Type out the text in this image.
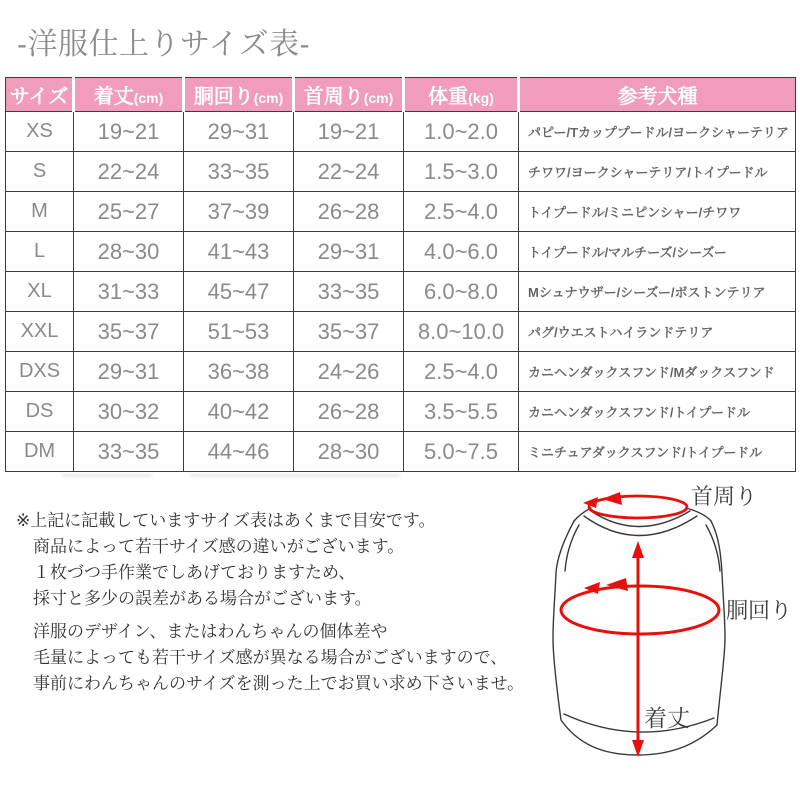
-洋服仕上りサイズ表-
サイズ	着丈(cm)	胴回り(cm)	首周り(cm)	体重(kg)	参考犬種
XS	19~21	29~31	19~21	1.0~2.0	パピー/Tカッププードル/ヨークシャーテリア
S	22~24	33~35	22~24	1.5~3.0	チワワ/ヨークシャーテリア/トイプードル
M	25~27	37~39	26~28	2.5~4.0	トイプードル/ミニピンシャー/チワワ
L	28~30	41~43	29~31	4.0~6.0	トイプードル/マルチーズ/シーズー
XL	31~33	45~47	33~35	6.0~8.0	Mシュナウザー/シーズー/ボストンテリア
XXL	35~37	51~53	35~37	8.0~10.0	パグ/ウエストハイランドテリア
DXS	29~31	36~38	24~26	2.5~4.0	カニヘンダックスフンド/Mダックスフンド
DS	30~32	40~42	26~28	3.5~5.5	カニヘンダックスフンド/トイプードル
DM	33~35	44~46	28~30	5.0~7.5	ミニチュアダックスフンド/トイプードル
※上記に記載していますサイズ表はあくまで目安です。
商品によって若干サイズ感の違いがございます。
１枚づつ手作業でしあげておりますため、
採寸と多少の誤差がある場合がございます。
洋服のデザイン、またはわんちゃんの個体差や
毛量によっても若干サイズ感が異なる場合がございますので、
事前にわんちゃんのサイズを測った上でお買い求め下さいませ。
首周り
胴回り
着丈
